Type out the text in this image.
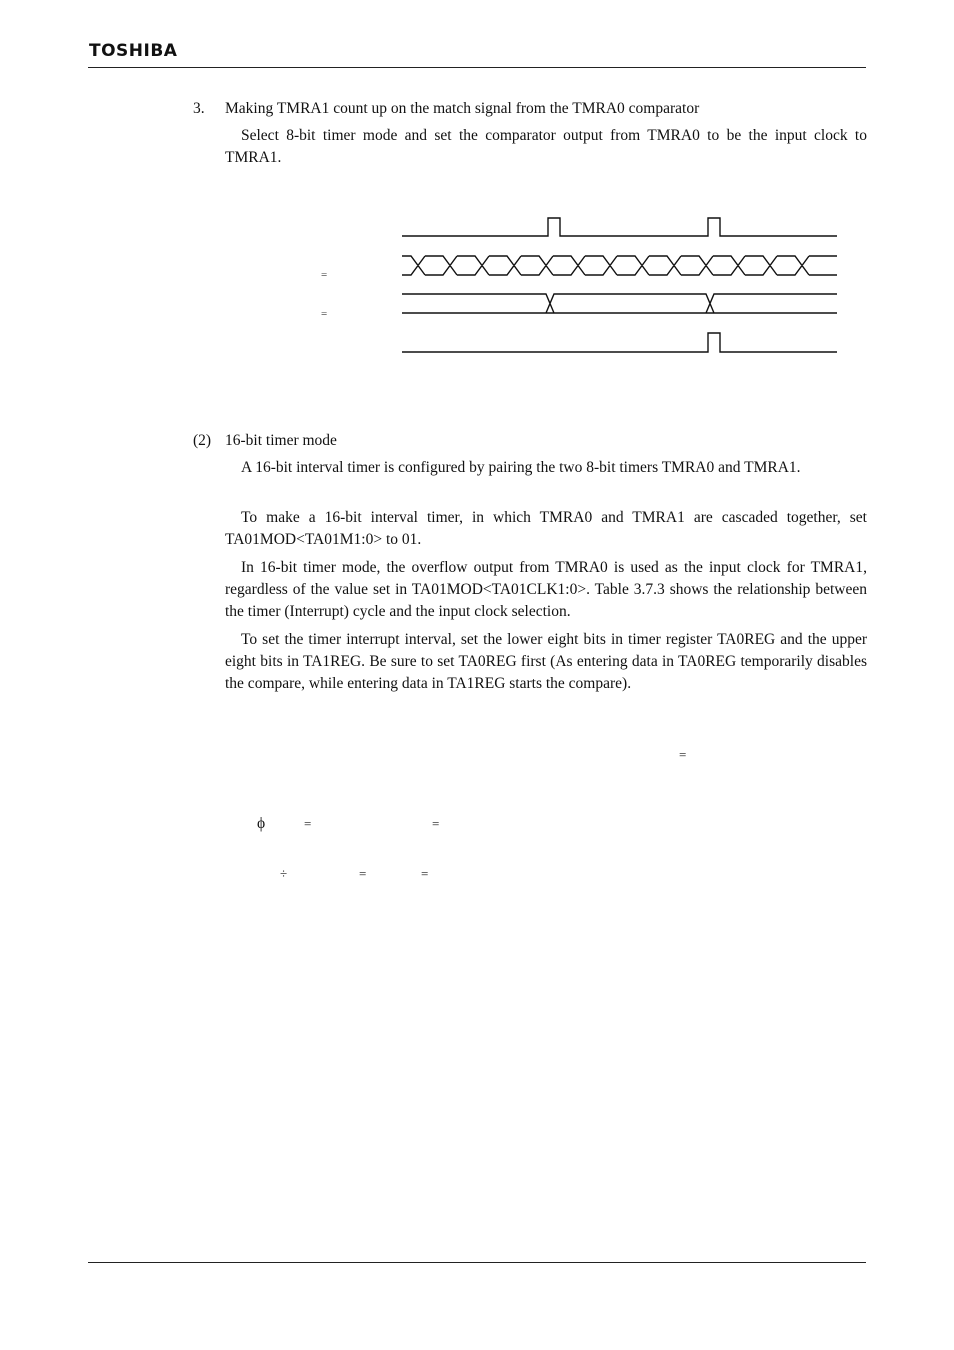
TOSHIBA
3. Making TMRA1 count up on the match signal from the TMRA0 comparator
Select 8-bit timer mode and set the comparator output from TMRA0 to be the input clock to TMRA1.
=
=
(2) 16-bit timer mode
A 16-bit interval timer is configured by pairing the two 8-bit timers TMRA0 and TMRA1.
To make a 16-bit interval timer, in which TMRA0 and TMRA1 are cascaded together, set TA01MOD<TA01M1:0> to 01.
In 16-bit timer mode, the overflow output from TMRA0 is used as the input clock for TMRA1, regardless of the value set in TA01MOD<TA01CLK1:0>. Table 3.7.3 shows the relationship between the timer (Interrupt) cycle and the input clock selection.
To set the timer interrupt interval, set the lower eight bits in timer register TA0REG and the upper eight bits in TA1REG. Be sure to set TA0REG first (As entering data in TA0REG temporarily disables the compare, while entering data in TA1REG starts the compare).
=
ϕ	=	=
÷	=	=
